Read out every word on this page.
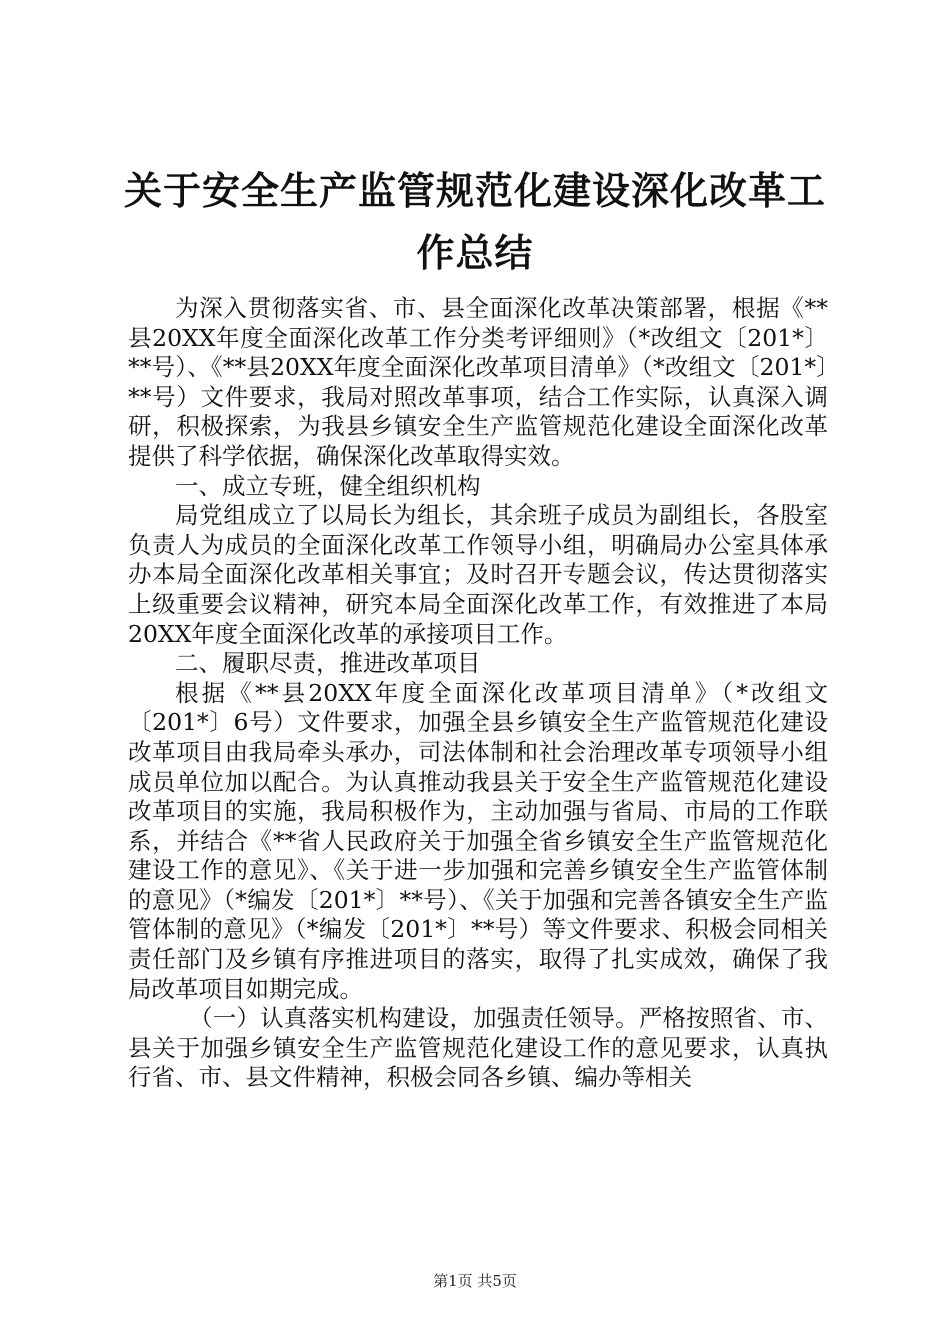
关于安全生产监管规范化建设深化改革工作总结

为深入贯彻落实省、市、县全面深化改革决策部署，根据《**县20XX年度全面深化改革工作分类考评细则》（*改组文〔201*〕**号）、《**县20XX年度全面深化改革项目清单》（*改组文〔201*〕**号）文件要求，我局对照改革事项，结合工作实际，认真深入调研，积极探索，为我县乡镇安全生产监管规范化建设全面深化改革提供了科学依据，确保深化改革取得实效。

一、成立专班，健全组织机构

局党组成立了以局长为组长，其余班子成员为副组长，各股室负责人为成员的全面深化改革工作领导小组，明确局办公室具体承办本局全面深化改革相关事宜；及时召开专题会议，传达贯彻落实上级重要会议精神，研究本局全面深化改革工作，有效推进了本局20XX年度全面深化改革的承接项目工作。

二、履职尽责，推进改革项目

根据《**县20XX年度全面深化改革项目清单》（*改组文〔201*〕6号）文件要求，加强全县乡镇安全生产监管规范化建设改革项目由我局牵头承办，司法体制和社会治理改革专项领导小组成员单位加以配合。为认真推动我县关于安全生产监管规范化建设改革项目的实施，我局积极作为，主动加强与省局、市局的工作联系，并结合《**省人民政府关于加强全省乡镇安全生产监管规范化建设工作的意见》、《关于进一步加强和完善乡镇安全生产监管体制的意见》（*编发〔201*〕**号）、《关于加强和完善各镇安全生产监管体制的意见》（*编发〔201*〕**号）等文件要求、积极会同相关责任部门及乡镇有序推进项目的落实，取得了扎实成效，确保了我局改革项目如期完成。

（一）认真落实机构建设，加强责任领导。严格按照省、市、县关于加强乡镇安全生产监管规范化建设工作的意见要求，认真执行省、市、县文件精神，积极会同各乡镇、编办等相关

第1页 共5页
